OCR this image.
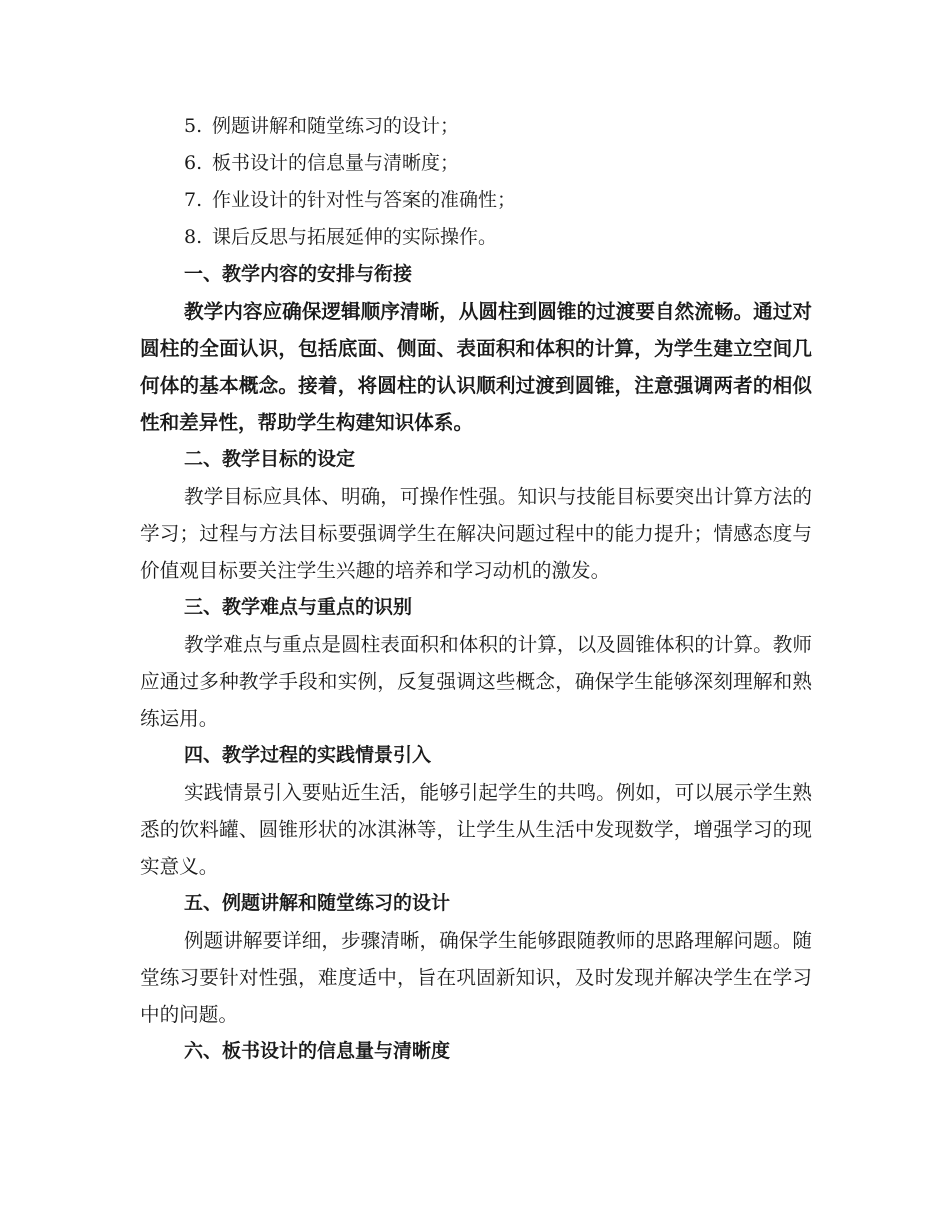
5. 例题讲解和随堂练习的设计；
6. 板书设计的信息量与清晰度；
7. 作业设计的针对性与答案的准确性；
8. 课后反思与拓展延伸的实际操作。
一、教学内容的安排与衔接

教学内容应确保逻辑顺序清晰，从圆柱到圆锥的过渡要自然流畅。通过对圆柱的全面认识，包括底面、侧面、表面积和体积的计算，为学生建立空间几何体的基本概念。接着，将圆柱的认识顺利过渡到圆锥，注意强调两者的相似性和差异性，帮助学生构建知识体系。

二、教学目标的设定

教学目标应具体、明确，可操作性强。知识与技能目标要突出计算方法的学习；过程与方法目标要强调学生在解决问题过程中的能力提升；情感态度与价值观目标要关注学生兴趣的培养和学习动机的激发。

三、教学难点与重点的识别

教学难点与重点是圆柱表面积和体积的计算，以及圆锥体积的计算。教师应通过多种教学手段和实例，反复强调这些概念，确保学生能够深刻理解和熟练运用。

四、教学过程的实践情景引入

实践情景引入要贴近生活，能够引起学生的共鸣。例如，可以展示学生熟悉的饮料罐、圆锥形状的冰淇淋等，让学生从生活中发现数学，增强学习的现实意义。

五、例题讲解和随堂练习的设计

例题讲解要详细，步骤清晰，确保学生能够跟随教师的思路理解问题。随堂练习要针对性强，难度适中，旨在巩固新知识，及时发现并解决学生在学习中的问题。

六、板书设计的信息量与清晰度
